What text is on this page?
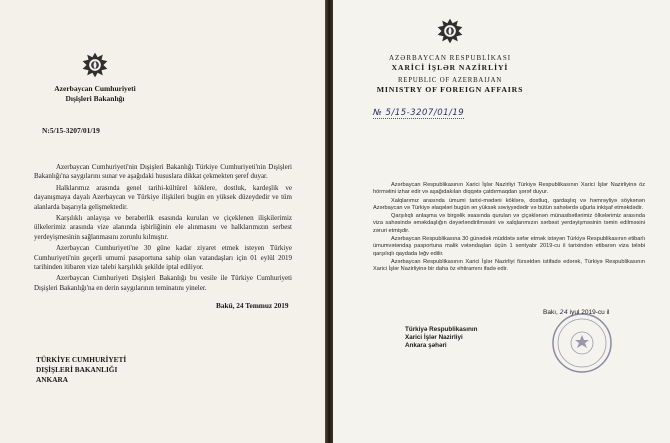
Azerbaycan Cumhuriyeti
Dışişleri Bakanlığı
N:5/15-3207/01/19

Azerbaycan Cumhuriyeti'nin Dışişleri Bakanlığı Türkiye Cumhuriyeti'nin Dışişleri Bakanlığı'na saygılarını sunar ve aşağıdaki hususlara dikkat çekmekten şeref duyar.

Halklarımız arasında genel tarihi-kültürel köklere, dostluk, kardeşlik ve dayanışmaya dayalı Azerbaycan ve Türkiye ilişkileri bugün en yüksek düzeydedir ve tüm alanlarda başarıyla gelişmektedir.

Karşılıklı anlayışa ve beraberlik esasında kurulan ve çiçeklenen ilişkilerimiz ülkelerimiz arasında vize alanında işbirliğinin ele alınmasını ve halklarımızın serbest yerdeyişmesinin sağlanmasını zorunlu kılmıştır.

Azerbaycan Cumhuriyeti'ne 30 güne kadar ziyaret etmek isteyen Türkiye Cumhuriyeti'nin geçerli umumi pasaportuna sahip olan vatandaşları için 01 eylül 2019 tarihinden itibaren vize talebi karşılıklı şekilde iptal ediliyor.

Azerbaycan Cumhuriyeti Dışişleri Bakanlığı bu vesile ile Türkiye Cumhuriyeti Dışişleri Bakanlığı'na en derin saygılarının teminatını yineler.

Bakü, 24 Temmuz 2019
TÜRKİYE CUMHURİYETİ
DIŞİŞLERİ BAKANLIĞI
ANKARA
AZƏRBAYCAN RESPUBLİKASI
XARİCİ İŞLƏR NAZİRLİYİ
REPUBLIC OF AZERBAIJAN
MINISTRY OF FOREIGN AFFAIRS
№ 5/15-3207/01/19

Azərbaycan Respublikasının Xarici İşlər Nazirliyi Türkiyə Respublikasının Xarici İşlər Nazirliyinə öz hörmətini izhar edir və aşağıdakıları diqqətə çatdırmaqdan şərəf duyur.

Xalqlarımız arasında ümumi tarixi-mədəni köklərə, dostluq, qardaşlıq və həmrəyliyə söykənən Azərbaycan və Türkiyə əlaqələri bugün ən yüksək səviyyədədir və bütün sahələrdə uğurla inkişaf etməkdədir.

Qarşılıqlı anlaşma və birgəlik əsasında qurulan və çiçəklənən münasibətlərimiz ölkələrimiz arasında viza sahəsində əməkdaşlığın dəyərləndirilməsini və xalqlarımızın sərbəst yerdəyişməsinin təmin edilməsini zəruri etmişdir.

Azərbaycan Respublikasına 30 günədək müddətə səfər etmək istəyən Türkiyə Respublikasının etibarlı ümumvətəndaş pasportuna malik vətəndaşları üçün 1 sentyabr 2019-cu il tarixindən etibarən viza tələbi qarşılıqlı qaydada ləğv edilir.

Azərbaycan Respublikasının Xarici İşlər Nazirliyi fürsətdən istifadə edərək, Türkiyə Respublikasının Xarici İşlər Nazirliyinə bir daha öz ehtiramını ifadə edir.

Bakı, 24 iyul 2019-cu il
Türkiyə Respublikasının
Xarici İşlər Nazirliyi
Ankara şəhəri
